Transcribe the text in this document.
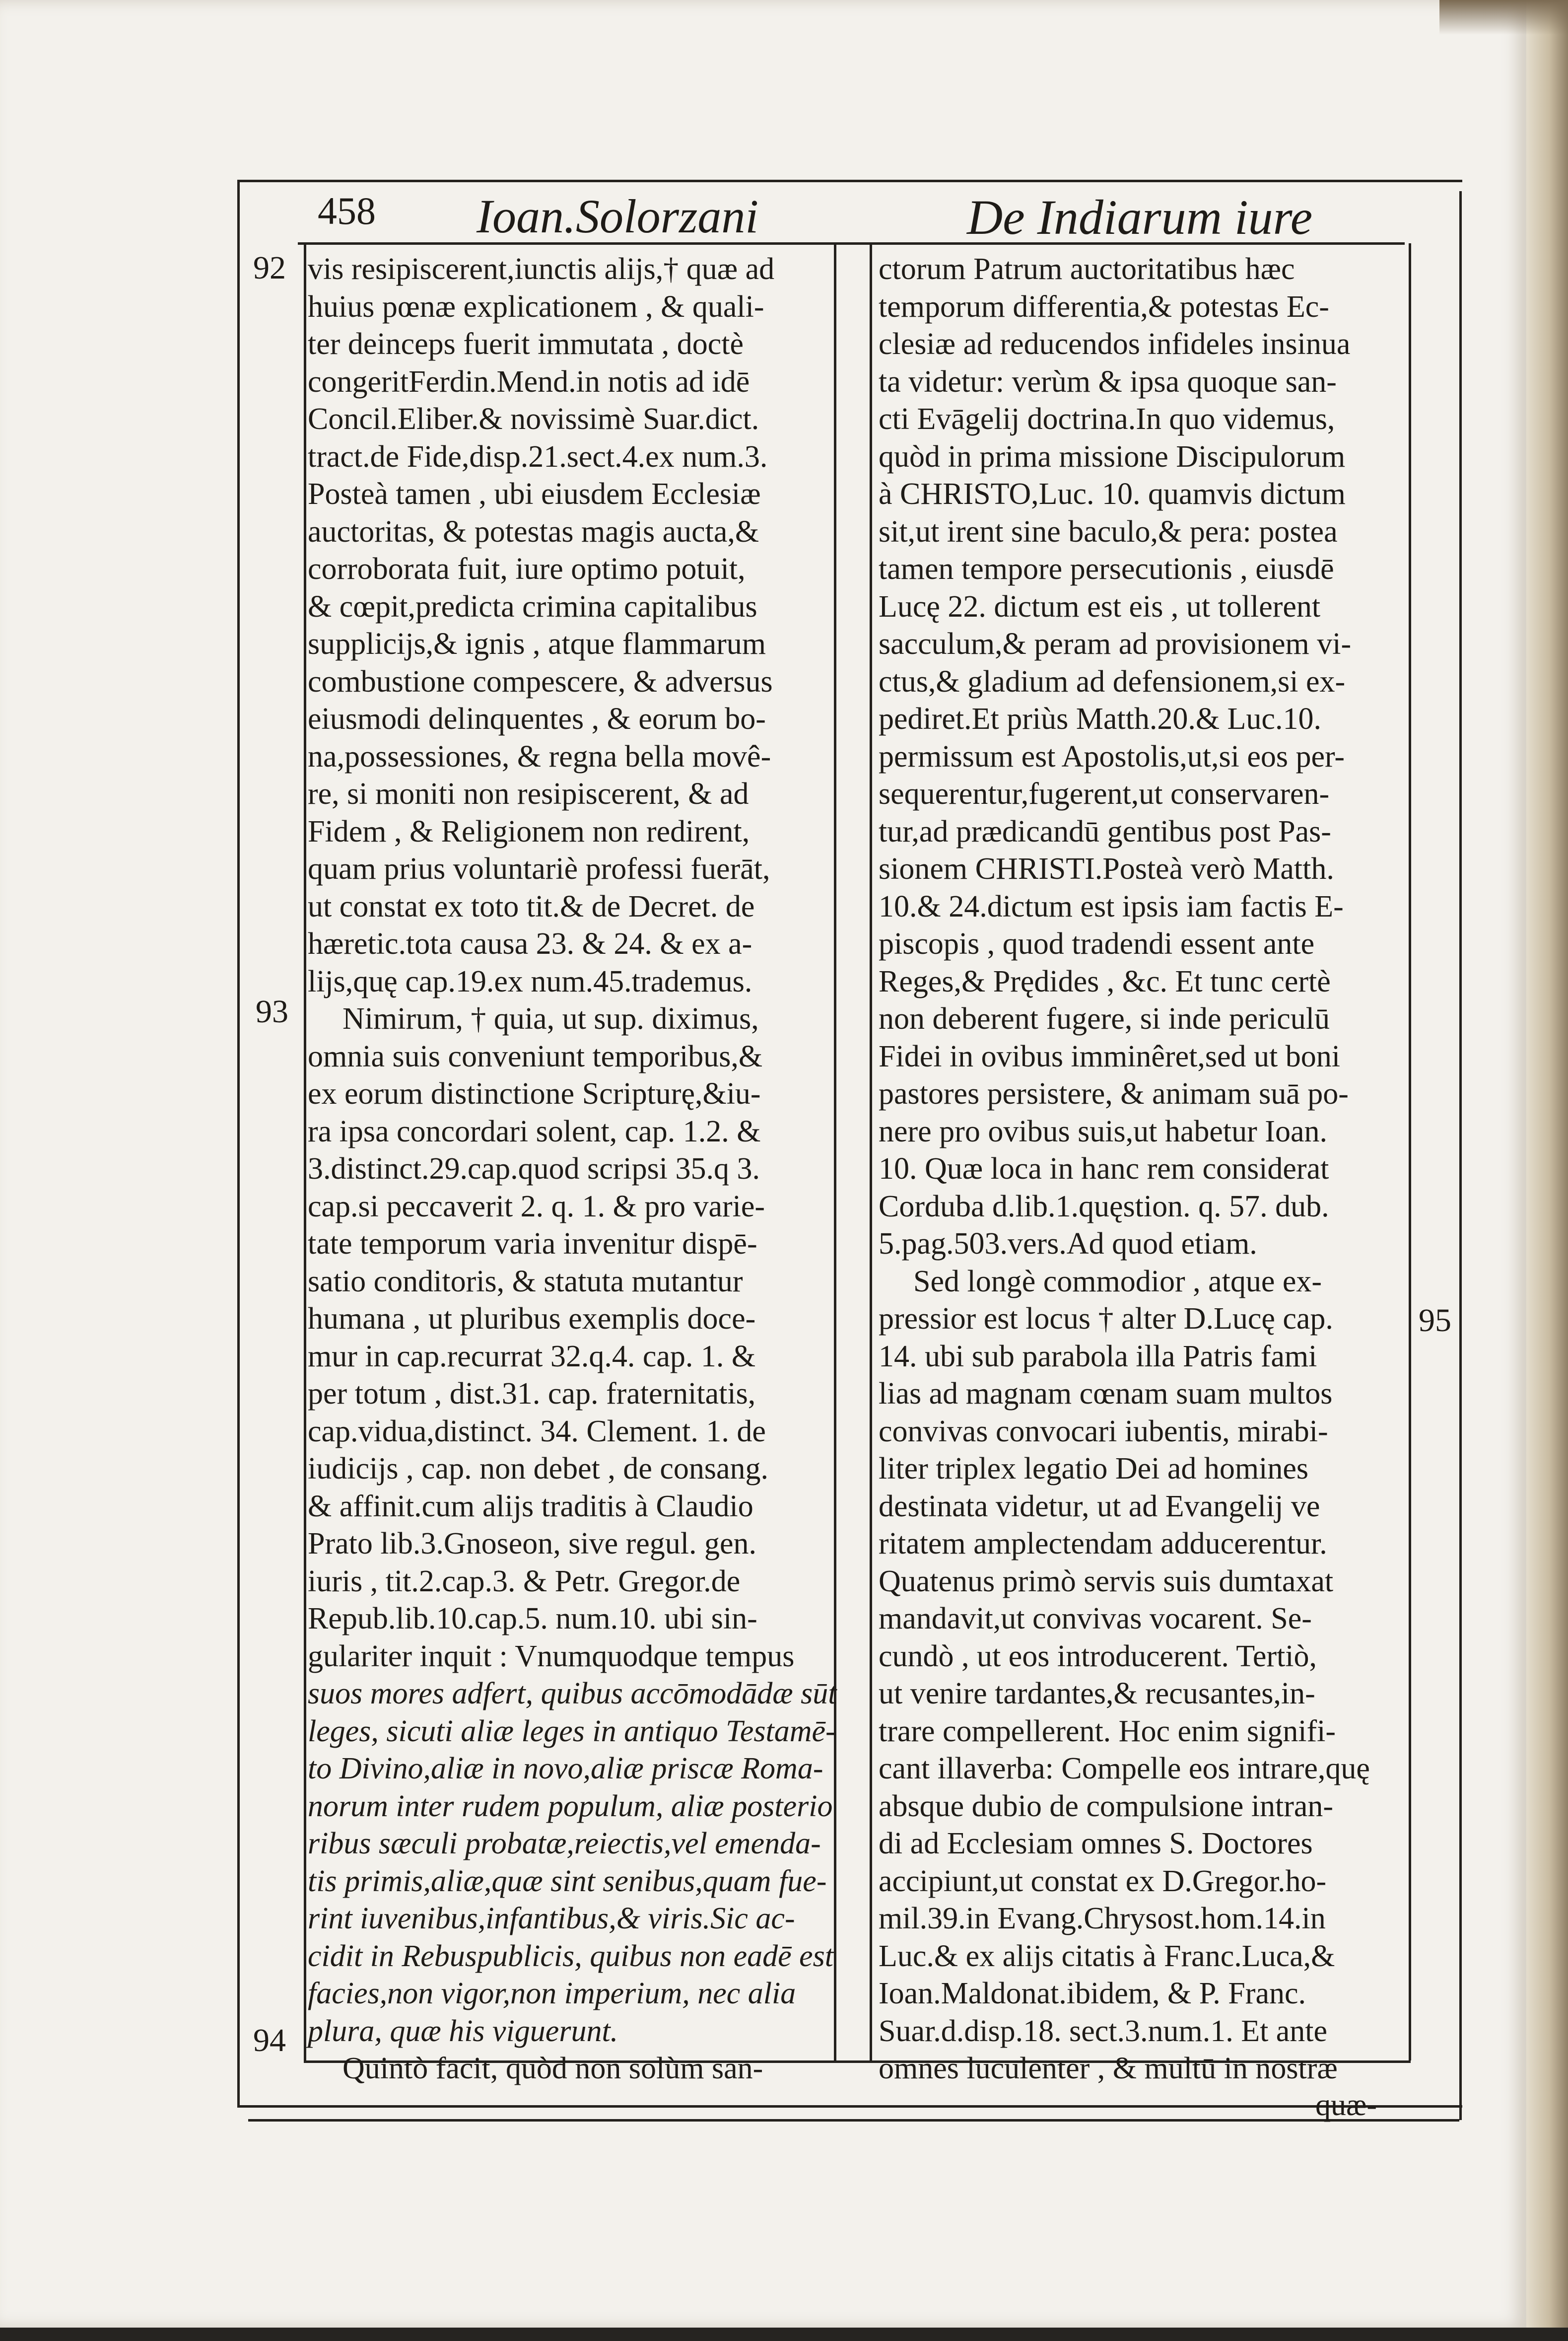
458 Ioan.Solorzani	De Indiarum iure
92
93
94
95
vis resipiscerent,iunctis alijs,† quæ ad
huius pœnæ explicationem , & quali-
ter deinceps fuerit immutata , doctè
congeritFerdin.Mend.in notis ad idē
Concil.Eliber.& novissimè Suar.dict.
tract.de Fide,disp.21.sect.4.ex num.3.
Posteà tamen , ubi eiusdem Ecclesiæ
auctoritas, & potestas magis aucta,&
corroborata fuit, iure optimo potuit,
& cœpit,predicta crimina capitalibus
supplicijs,& ignis , atque flammarum
combustione compescere, & adversus
eiusmodi delinquentes , & eorum bo-
na,possessiones, & regna bella movê-
re, si moniti non resipiscerent, & ad
Fidem , & Religionem non redirent,
quam prius voluntariè professi fuerāt,
ut constat ex toto tit.& de Decret. de
hæretic.tota causa 23. & 24. & ex a-
lijs,quę cap.19.ex num.45.trademus.
Nimirum, † quia, ut sup. diximus,
omnia suis conveniunt temporibus,&
ex eorum distinctione Scripturę,&iu-
ra ipsa concordari solent, cap. 1.2. &
3.distinct.29.cap.quod scripsi 35.q 3.
cap.si peccaverit 2. q. 1. & pro varie-
tate temporum varia invenitur dispē-
satio conditoris, & statuta mutantur
humana , ut pluribus exemplis doce-
mur in cap.recurrat 32.q.4. cap. 1. &
per totum , dist.31. cap. fraternitatis,
cap.vidua,distinct. 34. Clement. 1. de
iudicijs , cap. non debet , de consang.
& affinit.cum alijs traditis à Claudio
Prato lib.3.Gnoseon, sive regul. gen.
iuris , tit.2.cap.3. & Petr. Gregor.de
Repub.lib.10.cap.5. num.10. ubi sin-
gulariter inquit : Vnumquodque tempus
suos mores adfert, quibus accōmodādæ sūt
leges, sicuti aliæ leges in antiquo Testamē-
to Divino,aliæ in novo,aliæ priscæ Roma-
norum inter rudem populum, aliæ posterio
ribus sæculi probatæ,reiectis,vel emenda-
tis primis,aliæ,quæ sint senibus,quam fue-
rint iuvenibus,infantibus,& viris.Sic ac-
cidit in Rebuspublicis, quibus non eadē est
facies,non vigor,non imperium, nec alia
plura, quæ his viguerunt.
Quintò facit, quòd non solùm san-
ctorum Patrum auctoritatibus hæc
temporum differentia,& potestas Ec-
clesiæ ad reducendos infideles insinua
ta videtur: verùm & ipsa quoque san-
cti Evāgelij doctrina.In quo videmus,
quòd in prima missione Discipulorum
à CHRISTO,Luc. 10. quamvis dictum
sit,ut irent sine baculo,& pera: postea
tamen tempore persecutionis , eiusdē
Lucę 22. dictum est eis , ut tollerent
sacculum,& peram ad provisionem vi-
ctus,& gladium ad defensionem,si ex-
pediret.Et priùs Matth.20.& Luc.10.
permissum est Apostolis,ut,si eos per-
sequerentur,fugerent,ut conservaren-
tur,ad prædicandū gentibus post Pas-
sionem CHRISTI.Posteà verò Matth.
10.& 24.dictum est ipsis iam factis E-
piscopis , quod tradendi essent ante
Reges,& Prędides , &c. Et tunc certè
non deberent fugere, si inde periculū
Fidei in ovibus imminêret,sed ut boni
pastores persistere, & animam suā po-
nere pro ovibus suis,ut habetur Ioan.
10. Quæ loca in hanc rem considerat
Corduba d.lib.1.quęstion. q. 57. dub.
5.pag.503.vers.Ad quod etiam.
Sed longè commodior , atque ex-
pressior est locus † alter D.Lucę cap.
14. ubi sub parabola illa Patris fami
lias ad magnam cœnam suam multos
convivas convocari iubentis, mirabi-
liter triplex legatio Dei ad homines
destinata videtur, ut ad Evangelij ve
ritatem amplectendam adducerentur.
Quatenus primò servis suis dumtaxat
mandavit,ut convivas vocarent. Se-
cundò , ut eos introducerent. Tertiò,
ut venire tardantes,& recusantes,in-
trare compellerent. Hoc enim signifi-
cant illaverba: Compelle eos intrare,quę
absque dubio de compulsione intran-
di ad Ecclesiam omnes S. Doctores
accipiunt,ut constat ex D.Gregor.ho-
mil.39.in Evang.Chrysost.hom.14.in
Luc.& ex alijs citatis à Franc.Luca,&
Ioan.Maldonat.ibidem, & P. Franc.
Suar.d.disp.18. sect.3.num.1. Et ante
omnes luculenter , & multū in nostræ
quæ-
